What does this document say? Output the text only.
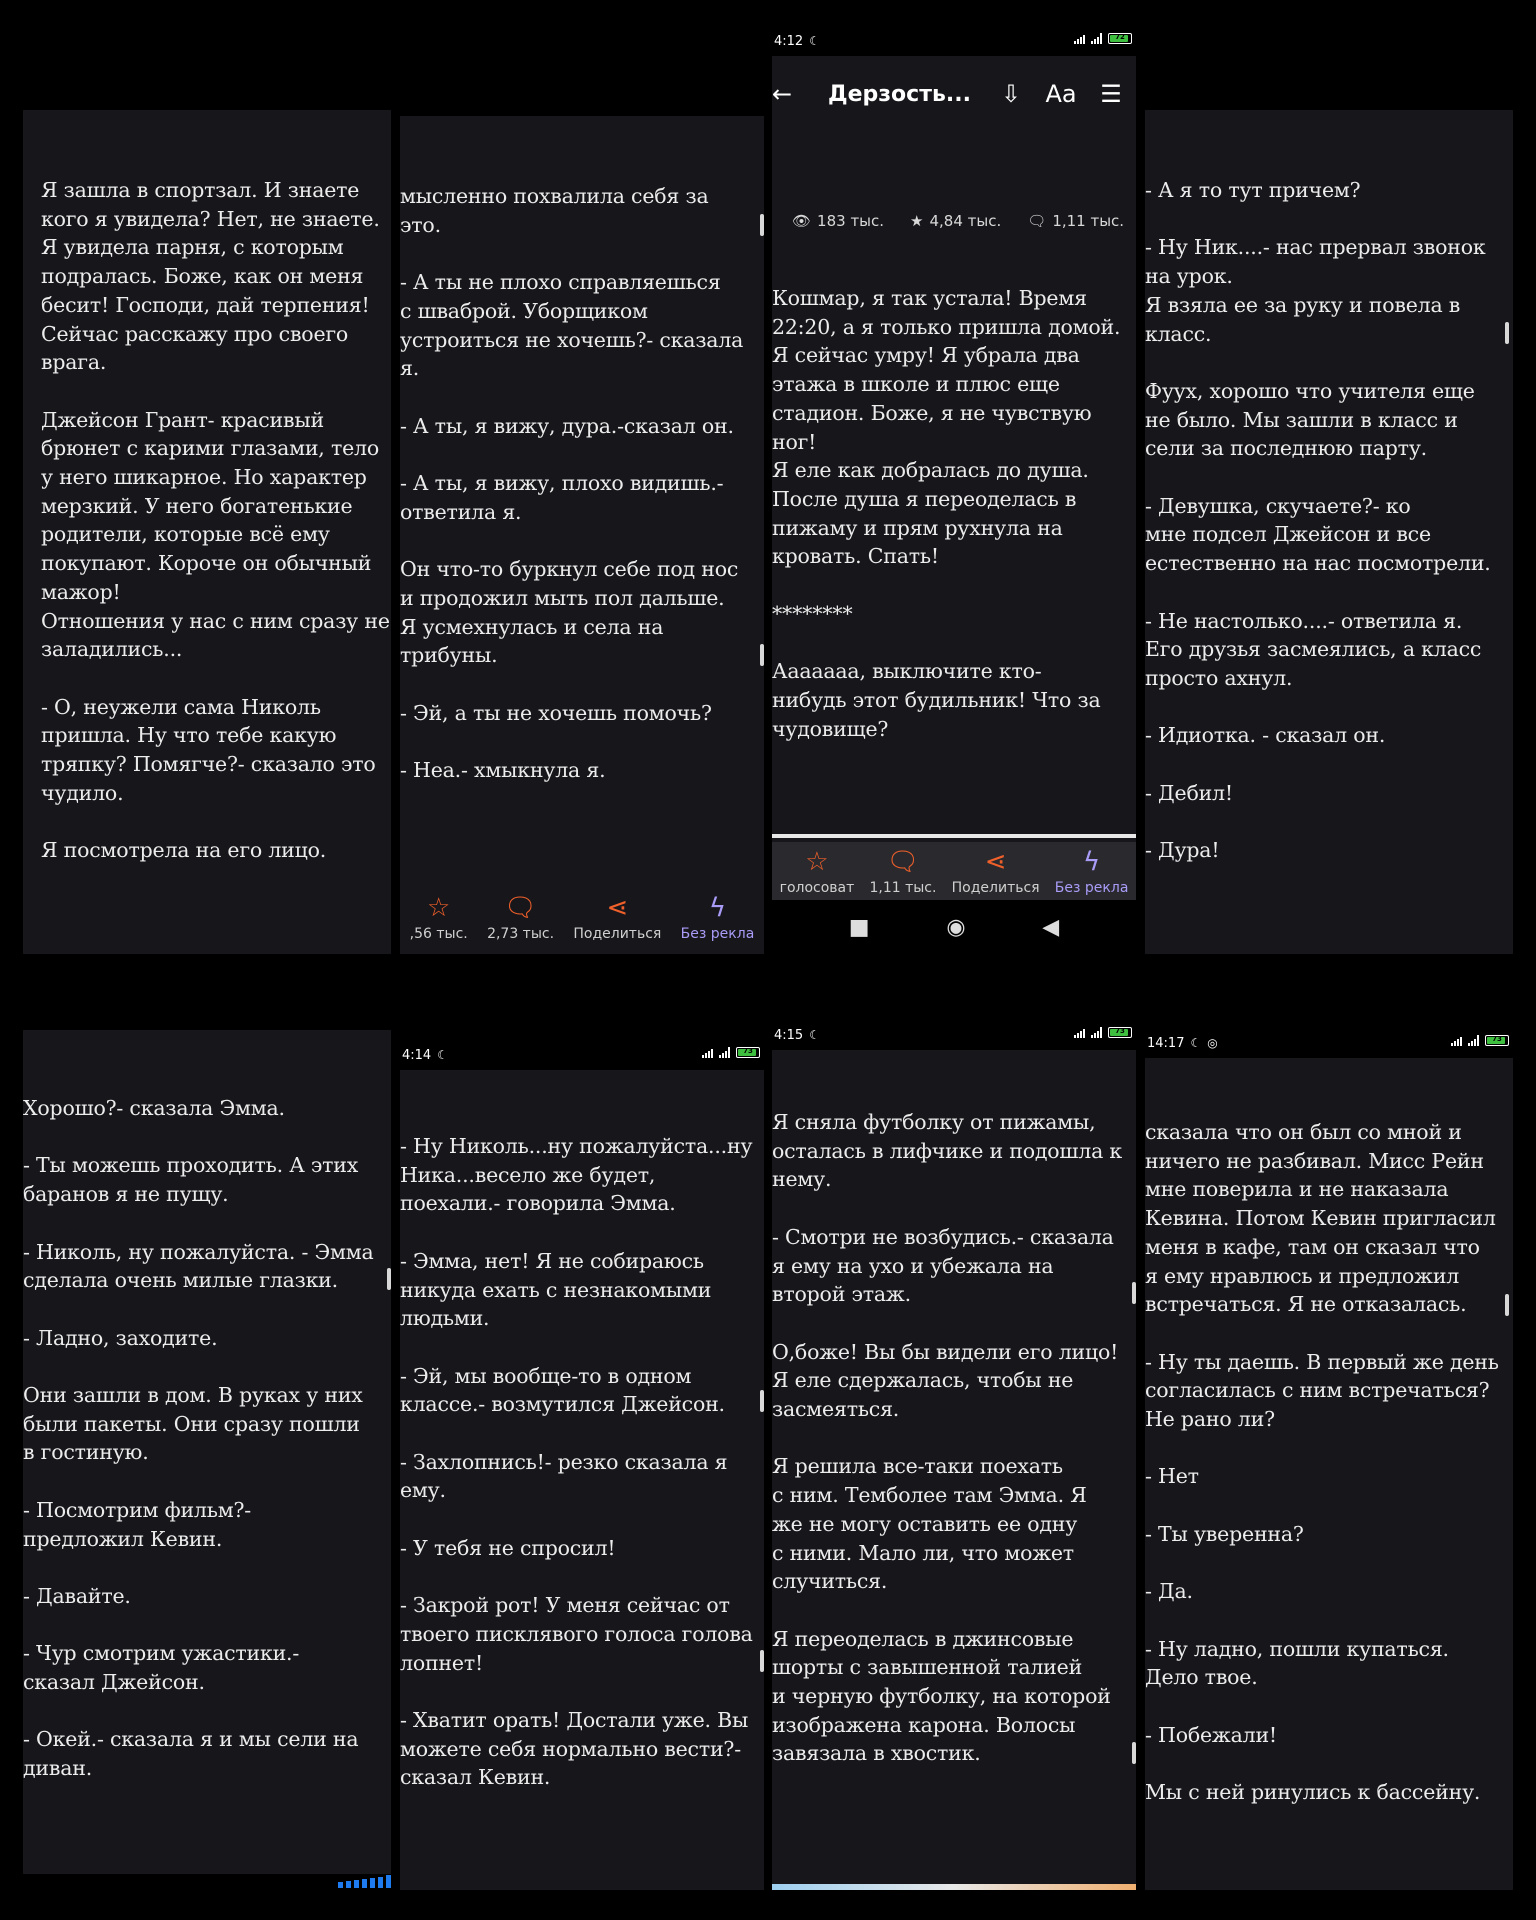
Я зашла в спортзал. И знаете
кого я увидела? Нет, не знаете.
Я увидела парня, с которым
подралась. Боже, как он меня
бесит! Господи, дай терпения!
Сейчас расскажу про своего
врага.

Джейсон Грант- красивый
брюнет с карими глазами, тело
у него шикарное. Но характер
мерзкий. У него богатенькие
родители, которые всё ему
покупают. Короче он обычный
мажор!
Отношения у нас с ним сразу не
заладились...

- О, неужели сама Николь
пришла. Ну что тебе какую
тряпку? Помягче?- сказало это
чудило.

Я посмотрела на его лицо.
мысленно похвалила себя за
это.

- А ты не плохо справляешься
с шваброй. Уборщиком
устроиться не хочешь?- сказала
я.

- А ты, я вижу, дура.-сказал он.

- А ты, я вижу, плохо видишь.-
ответила я.

Он что-то буркнул себе под нос
и продожил мыть пол дальше.
Я усмехнулась и села на
трибуны.

- Эй, а ты не хочешь помочь?

- Неа.- хмыкнула я.
☆
,56 тыс.
🗨
2,73 тыс.
⋖
Поделиться
ϟ
Без рекла
4:12 ☾	72
←	Дерзость...	⇩	Aa ☰
👁 183 тыс. ★ 4,84 тыс. 🗨 1,11 тыс.
Кошмар, я так устала! Время
22:20, а я только пришла домой.
Я сейчас умру! Я убрала два
этажа в школе и плюс еще
стадион. Боже, я не чувствую
ног!
Я еле как добралась до душа.
После душа я переоделась в
пижаму и прям рухнула на
кровать. Спать!

********

Ааааааа, выключите кто-
нибудь этот будильник! Что за
чудовище?
☆
голосоват
🗨
1,11 тыс.
⋖
Поделиться
ϟ
Без рекла
■	◉	◀
- А я то тут причем?

- Ну Ник....- нас прервал звонок
на урок.
Я взяла ее за руку и повела в
класс.

Фуух, хорошо что учителя еще
не было. Мы зашли в класс и
сели за последнюю парту.

- Девушка, скучаете?- ко
мне подсел Джейсон и все
естественно на нас посмотрели.

- Не настолько....- ответила я.
Его друзья засмеялись, а класс
просто ахнул.

- Идиотка. - сказал он.

- Дебил!

- Дура!
Хорошо?- сказала Эмма.

- Ты можешь проходить. А этих
баранов я не пущу.

- Николь, ну пожалуйста. - Эмма
сделала очень милые глазки.

- Ладно, заходите.

Они зашли в дом. В руках у них
были пакеты. Они сразу пошли
в гостиную.

- Посмотрим фильм?-
предложил Кевин.

- Давайте.

- Чур смотрим ужастики.-
сказал Джейсон.

- Окей.- сказала я и мы сели на
диван.
4:14 ☾	73
- Ну Николь...ну пожалуйста...ну
Ника...весело же будет,
поехали.- говорила Эмма.

- Эмма, нет! Я не собираюсь
никуда ехать с незнакомыми
людьми.

- Эй, мы вообще-то в одном
классе.- возмутился Джейсон.

- Захлопнись!- резко сказала я
ему.

- У тебя не спросил!

- Закрой рот! У меня сейчас от
твоего писклявого голоса голова
лопнет!

- Хватит орать! Достали уже. Вы
можете себя нормально вести?-
сказал Кевин.
4:15 ☾	73
Я сняла футболку от пижамы,
осталась в лифчике и подошла к
нему.

- Смотри не возбудись.- сказала
я ему на ухо и убежала на
второй этаж.

О,боже! Вы бы видели его лицо!
Я еле сдержалась, чтобы не
засмеяться.

Я решила все-таки поехать
с ним. Темболее там Эмма. Я
же не могу оставить ее одну
с ними. Мало ли, что может
случиться.

Я переоделась в джинсовые
шорты с завышенной талией
и черную футболку, на которой
изображена карона. Волосы
завязала в хвостик.
14:17 ☾ ◎	73
сказала что он был со мной и
ничего не разбивал. Мисс Рейн
мне поверила и не наказала
Кевина. Потом Кевин пригласил
меня в кафе, там он сказал что
я ему нравлюсь и предложил
встречаться. Я не отказалась.

- Ну ты даешь. В первый же день
согласилась с ним встречаться?
Не рано ли?

- Нет

- Ты уверенна?

- Да.

- Ну ладно, пошли купаться.
Дело твое.

- Побежали!

Мы с ней ринулись к бассейну.
